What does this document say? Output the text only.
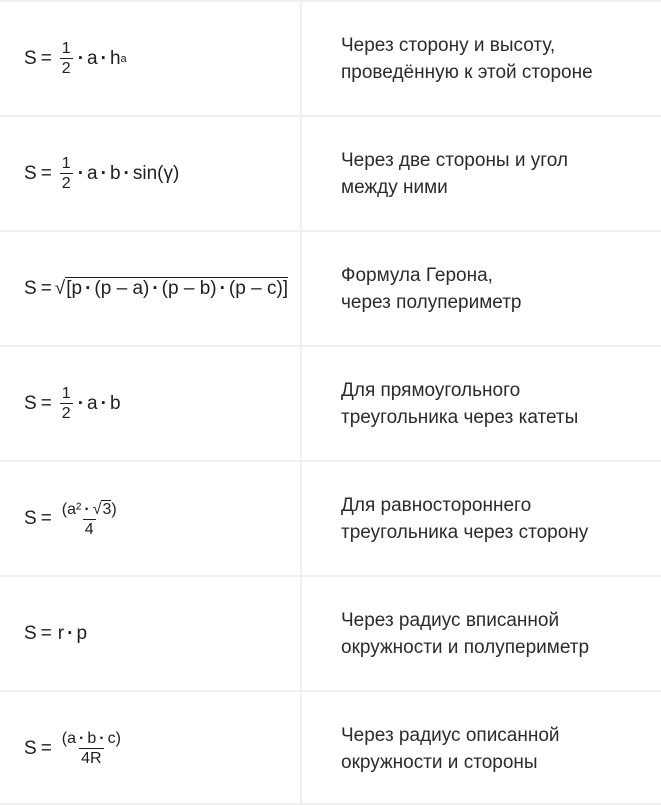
$S = \frac{1}{2} \cdot a \cdot h$ a
Через сторону и высоту,
проведённую к этой стороне
$S = \frac{1}{2} \cdot a \cdot b \cdot \sin(\gamma)$
Через две стороны и угол
между ними
S = √ [p · (p – a) · (p – b) · (p – c)]
Формула Герона,
через полупериметр
$S = \frac{1}{2} \cdot a \cdot b$
Для прямоугольного
треугольника через катеты
$S = \frac{\text{(a² · √3)}}{4}$	Для равностороннего
треугольника через сторону
S = r · p
Через радиус вписанной
окружности и полупериметр
$S = \frac{(a \cdot b \cdot c)}{4R}$	Через радиус описанной
окружности и стороны
